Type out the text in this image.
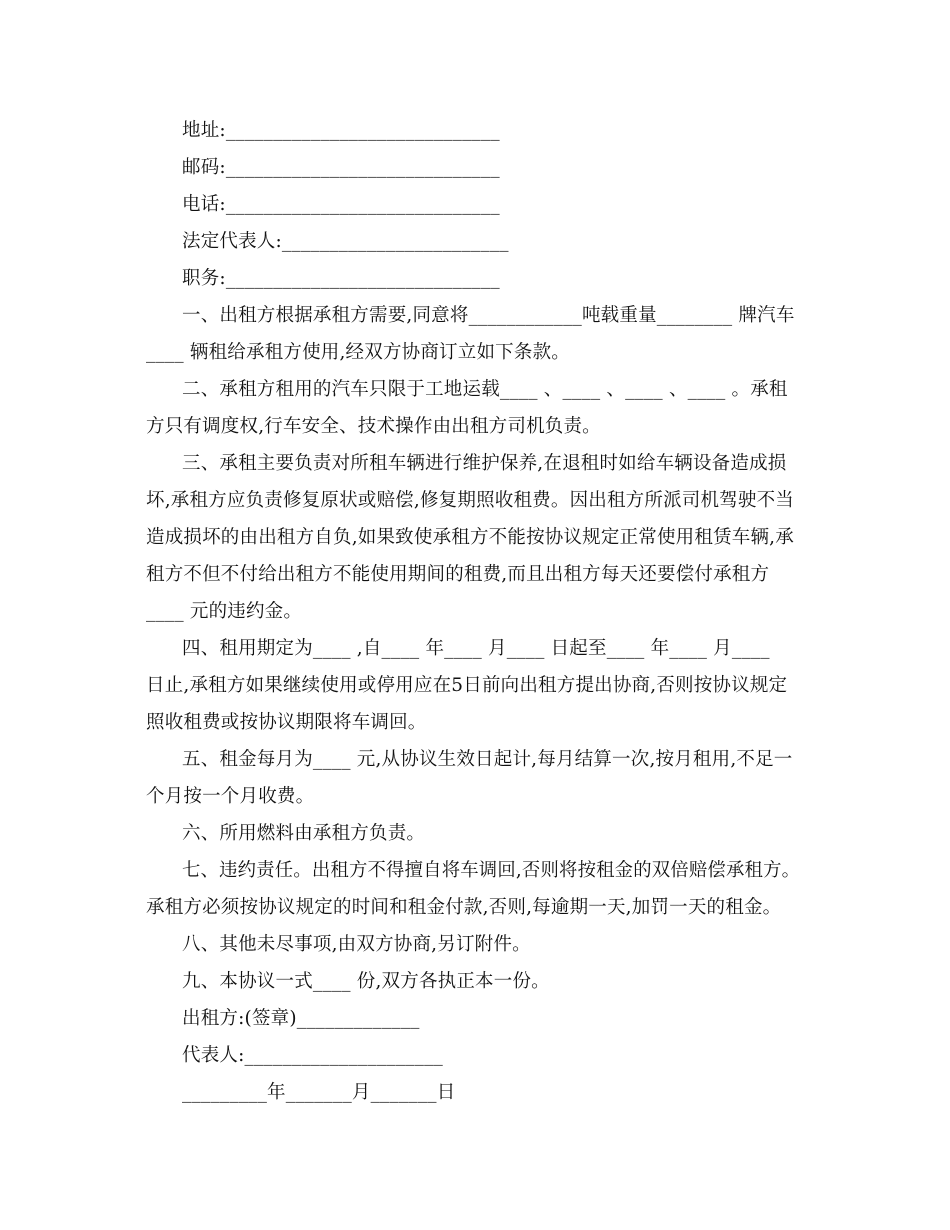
地址:_____________________________
邮码:_____________________________
电话:_____________________________
法定代表人:________________________
职务:_____________________________
一、出租方根据承租方需要,同意将____________吨载重量________ 牌汽车
____ 辆租给承租方使用,经双方协商订立如下条款。
二、承租方租用的汽车只限于工地运载____ 、____ 、____ 、____ 。承租
方只有调度权,行车安全、技术操作由出租方司机负责。
三、承租主要负责对所租车辆进行维护保养,在退租时如给车辆设备造成损
坏,承租方应负责修复原状或赔偿,修复期照收租费。因出租方所派司机驾驶不当
造成损坏的由出租方自负,如果致使承租方不能按协议规定正常使用租赁车辆,承
租方不但不付给出租方不能使用期间的租费,而且出租方每天还要偿付承租方
____ 元的违约金。
四、租用期定为____ ,自____ 年____ 月____ 日起至____ 年____ 月____
日止,承租方如果继续使用或停用应在5日前向出租方提出协商,否则按协议规定
照收租费或按协议期限将车调回。
五、租金每月为____ 元,从协议生效日起计,每月结算一次,按月租用,不足一
个月按一个月收费。
六、所用燃料由承租方负责。
七、违约责任。出租方不得擅自将车调回,否则将按租金的双倍赔偿承租方。
承租方必须按协议规定的时间和租金付款,否则,每逾期一天,加罚一天的租金。
八、其他未尽事项,由双方协商,另订附件。
九、本协议一式____ 份,双方各执正本一份。
出租方:(签章)_____________
代表人:_____________________
_________年_______月_______日
